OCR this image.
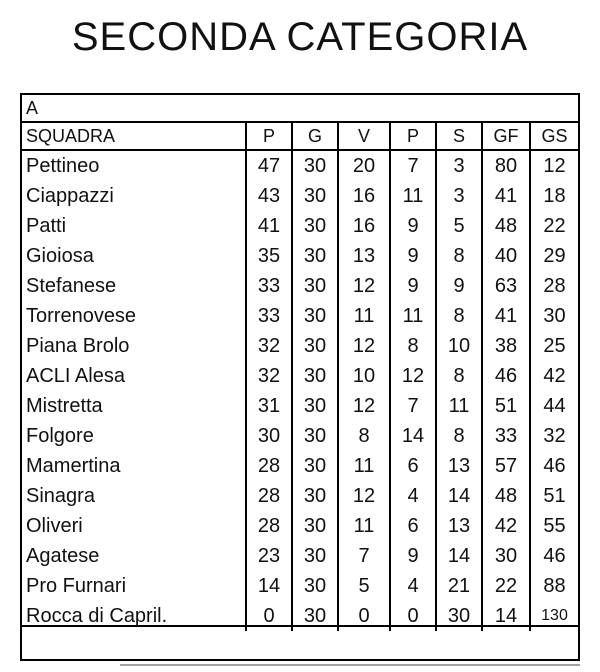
SECONDA CATEGORIA
A
SQUADRA	P	G	V	P	S	GF	GS
Pettineo	47	30	20	7	3	80	12
Ciappazzi	43	30	16	11	3	41	18
Patti	41	30	16	9	5	48	22
Gioiosa	35	30	13	9	8	40	29
Stefanese	33	30	12	9	9	63	28
Torrenovese	33	30	11	11	8	41	30
Piana Brolo	32	30	12	8	10	38	25
ACLI Alesa	32	30	10	12	8	46	42
Mistretta	31	30	12	7	11	51	44
Folgore	30	30	8	14	8	33	32
Mamertina	28	30	11	6	13	57	46
Sinagra	28	30	12	4	14	48	51
Oliveri	28	30	11	6	13	42	55
Agatese	23	30	7	9	14	30	46
Pro Furnari	14	30	5	4	21	22	88
Rocca di Capril.	0	30	0	0	30	14	130
